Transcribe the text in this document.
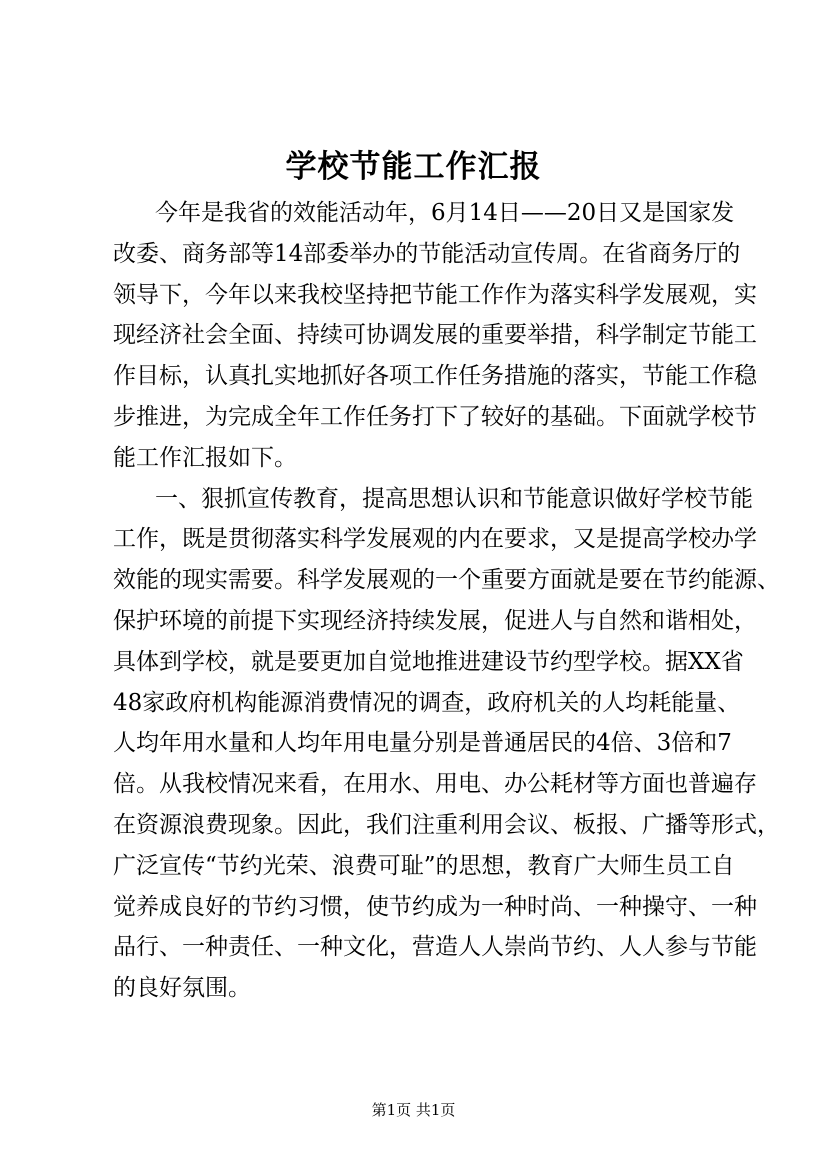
学校节能工作汇报
今年是我省的效能活动年，6月14日——20日又是国家发
改委、商务部等14部委举办的节能活动宣传周。在省商务厅的
领导下，今年以来我校坚持把节能工作作为落实科学发展观，实
现经济社会全面、持续可协调发展的重要举措，科学制定节能工
作目标，认真扎实地抓好各项工作任务措施的落实，节能工作稳
步推进，为完成全年工作任务打下了较好的基础。下面就学校节
能工作汇报如下。
一、狠抓宣传教育，提高思想认识和节能意识做好学校节能
工作，既是贯彻落实科学发展观的内在要求，又是提高学校办学
效能的现实需要。科学发展观的一个重要方面就是要在节约能源、
保护环境的前提下实现经济持续发展，促进人与自然和谐相处，
具体到学校，就是要更加自觉地推进建设节约型学校。据XX省
48家政府机构能源消费情况的调查，政府机关的人均耗能量、
人均年用水量和人均年用电量分别是普通居民的4倍、3倍和7
倍。从我校情况来看，在用水、用电、办公耗材等方面也普遍存
在资源浪费现象。因此，我们注重利用会议、板报、广播等形式，
广泛宣传“节约光荣、浪费可耻”的思想，教育广大师生员工自
觉养成良好的节约习惯，使节约成为一种时尚、一种操守、一种
品行、一种责任、一种文化，营造人人崇尚节约、人人参与节能
的良好氛围。
第1页 共1页
